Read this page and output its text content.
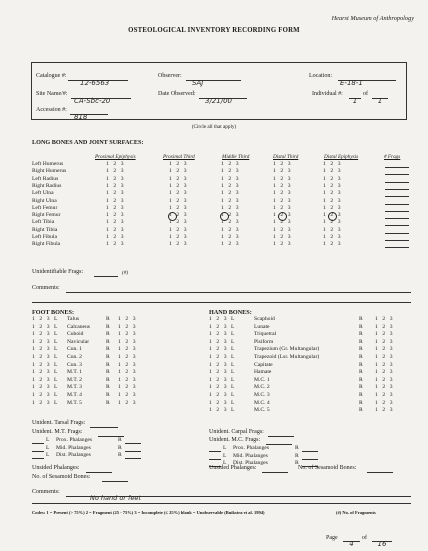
Hearst Museum of Anthropology
OSTEOLOGICAL INVENTORY RECORDING FORM
Catalogue #:
12-6563
Observer:
SAJ
Location:
E-18-1
Site Name/#:
CA-Sbc-20
Date Observed:
3/21/00
Individual #:
1
of
1
Accession #:
818
(Circle all that apply)
LONG BONES AND JOINT SURFACES:
Proximal Epiphysis	Proximal Third	Middle Third	Distal Third	Distal Epiphysis	# Frags
Left Humerus	1 2 3	1 2 3	1 2 3	1 2 3	1 2 3
Right Humerus	1 2 3	1 2 3	1 2 3	1 2 3	1 2 3
Left Radius	1 2 3	1 2 3	1 2 3	1 2 3	1 2 3
Right Radius	1 2 3	1 2 3	1 2 3	1 2 3	1 2 3
Left Ulna	1 2 3	1 2 3	1 2 3	1 2 3	1 2 3
Right Ulna	1 2 3	1 2 3	1 2 3	1 2 3	1 2 3
Left Femur	1 2 3	1 2 3	1 2 3	1 2 3	1 2 3
Right Femur	1 2 3	1 2 3	1 2 3	1 2 3	1 2 3
Left Tibia	1 2 3	1 2 3	1 2 3	1 2 3	1 2 3
Right Tibia	1 2 3	1 2 3	1 2 3	1 2 3	1 2 3
Left Fibula	1 2 3	1 2 3	1 2 3	1 2 3	1 2 3
Right Fibula	1 2 3	1 2 3	1 2 3	1 2 3	1 2 3
Unidentifiable Frags:	(#)
Comments:
FOOT BONES:	HAND BONES:
1 2 3 L Talus	R 1 2 3
1 2 3 L Calcaneus	R 1 2 3
1 2 3 L Cuboid	R 1 2 3
1 2 3 L Navicular	R 1 2 3
1 2 3 L Cun. 1	R 1 2 3
1 2 3 L Cun. 2	R 1 2 3
1 2 3 L Cun. 3	R 1 2 3
1 2 3 L M.T. 1	R 1 2 3
1 2 3 L M.T. 2	R 1 2 3
1 2 3 L M.T. 3	R 1 2 3
1 2 3 L M.T. 4	R 1 2 3
1 2 3 L M.T. 5	R 1 2 3
1 2 3 L	Scaphoid	R 1 2 3
1 2 3 L	Lunate	R 1 2 3
1 2 3 L	Triquetral	R 1 2 3
1 2 3 L	Pisiform	R 1 2 3
1 2 3 L	Trapezium (Gr. Multangular)	R 1 2 3
1 2 3 L	Trapezoid (Lsr. Multangular)	R 1 2 3
1 2 3 L	Capitate	R 1 2 3
1 2 3 L	Hamate	R 1 2 3
1 2 3 L	M.C. 1	R 1 2 3
1 2 3 L	M.C. 2	R 1 2 3
1 2 3 L	M.C. 3	R 1 2 3
1 2 3 L	M.C. 4	R 1 2 3
1 2 3 L	M.C. 5	R 1 2 3
Unident. Tarsal Frags:
Unident. M.T. Frags:
L Prox. Phalanges	R
L Mid. Phalanges	R
L Dist. Phalanges	R
Unsided Phalanges:
No. of Sesamoid Bones:
Unident. Carpal Frags:
Unident. M.C. Frags:
L Prox. Phalanges	R
L Mid. Phalanges	R
L Dist. Phalanges	R
Unsided Phalanges:	No. of Sesamoid Bones:
Comments:
No hand or feet
Codes: 1 = Present (> 75%) 2 = Fragment (25 - 75%) 3 = Incomplete (≤ 25%) blank = Unobservable (Buikstra et al. 1994)	(#) No. of Fragments
Page
4
of
16
